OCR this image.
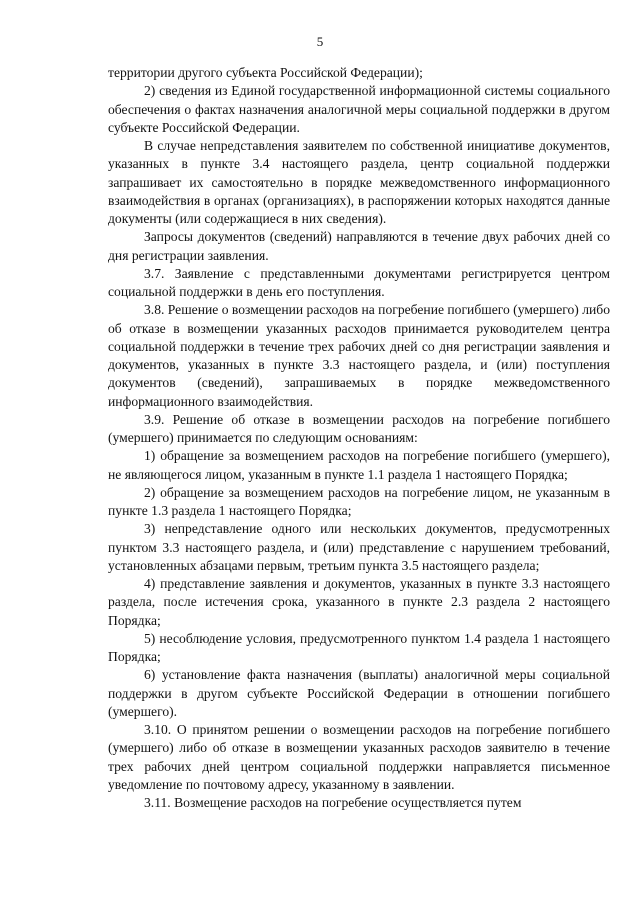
5

территории другого субъекта Российской Федерации);

2) сведения из Единой государственной информационной системы социального обеспечения о фактах назначения аналогичной меры социальной поддержки в другом субъекте Российской Федерации.

В случае непредставления заявителем по собственной инициативе документов, указанных в пункте 3.4 настоящего раздела, центр социальной поддержки запрашивает их самостоятельно в порядке межведомственного информационного взаимодействия в органах (организациях), в распоряжении которых находятся данные документы (или содержащиеся в них сведения).

Запросы документов (сведений) направляются в течение двух рабочих дней со дня регистрации заявления.

3.7. Заявление с представленными документами регистрируется центром социальной поддержки в день его поступления.

3.8. Решение о возмещении расходов на погребение погибшего (умершего) либо об отказе в возмещении указанных расходов принимается руководителем центра социальной поддержки в течение трех рабочих дней со дня регистрации заявления и документов, указанных в пункте 3.3 настоящего раздела, и (или) поступления документов (сведений), запрашиваемых в порядке межведомственного информационного взаимодействия.

3.9. Решение об отказе в возмещении расходов на погребение погибшего (умершего) принимается по следующим основаниям:

1) обращение за возмещением расходов на погребение погибшего (умершего), не являющегося лицом, указанным в пункте 1.1 раздела 1 настоящего Порядка;

2) обращение за возмещением расходов на погребение лицом, не указанным в пункте 1.3 раздела 1 настоящего Порядка;

3) непредставление одного или нескольких документов, предусмотренных пунктом 3.3 настоящего раздела, и (или) представление с нарушением требований, установленных абзацами первым, третьим пункта 3.5 настоящего раздела;

4) представление заявления и документов, указанных в пункте 3.3 настоящего раздела, после истечения срока, указанного в пункте 2.3 раздела 2 настоящего Порядка;

5) несоблюдение условия, предусмотренного пунктом 1.4 раздела 1 настоящего Порядка;

6) установление факта назначения (выплаты) аналогичной меры социальной поддержки в другом субъекте Российской Федерации в отношении погибшего (умершего).

3.10. О принятом решении о возмещении расходов на погребение погибшего (умершего) либо об отказе в возмещении указанных расходов заявителю в течение трех рабочих дней центром социальной поддержки направляется письменное уведомление по почтовому адресу, указанному в заявлении.

3.11. Возмещение расходов на погребение осуществляется путем
